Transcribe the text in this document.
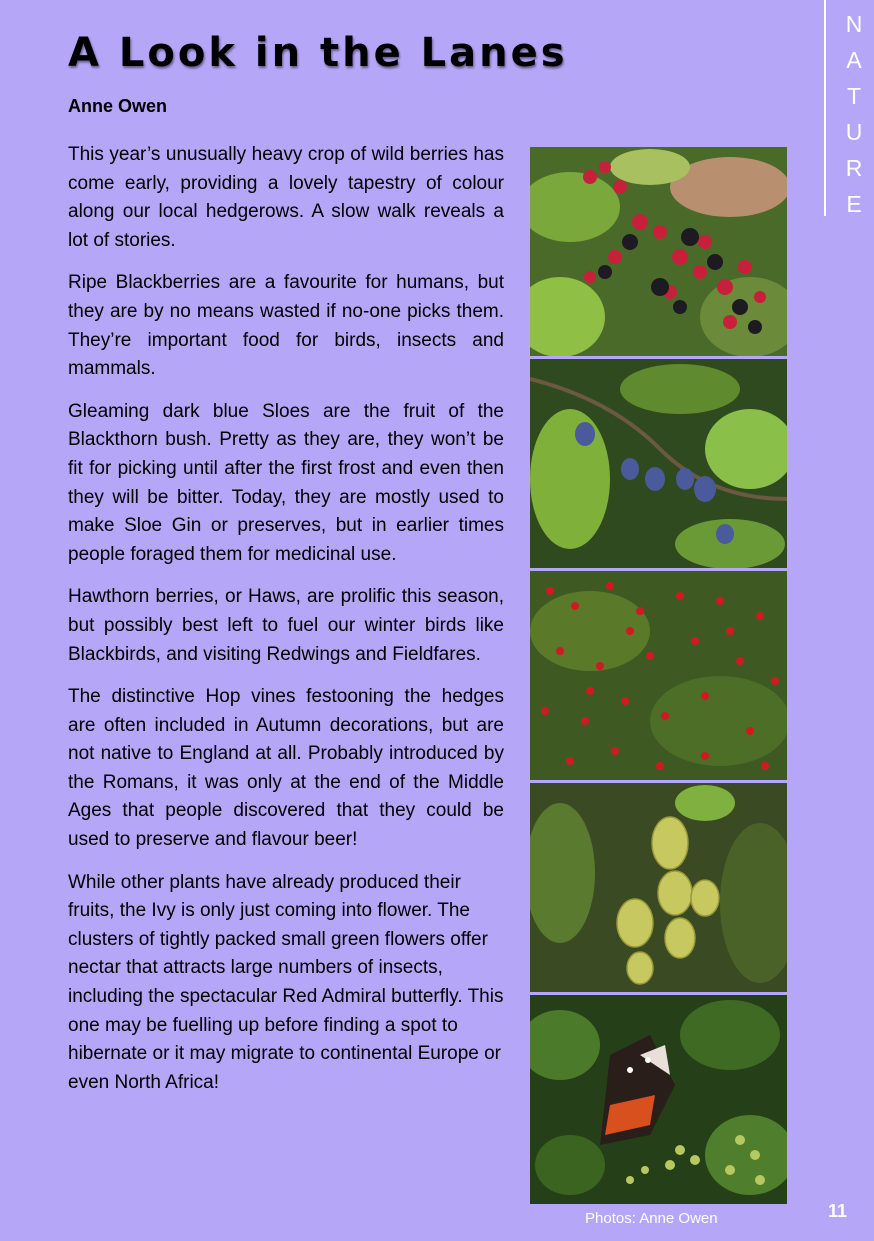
A Look in the Lanes

Anne Owen

N
A
T
U
R
E

This year’s unusually heavy crop of wild berries has come early, providing a lovely tapestry of colour along our local hedgerows. A slow walk reveals a lot of stories.

Ripe Blackberries are a favourite for humans, but they are by no means wasted if no-one picks them. They’re important food for birds, insects and mammals.

Gleaming dark blue Sloes are the fruit of the Blackthorn bush. Pretty as they are, they won’t be fit for picking until after the first frost and even then they will be bitter. Today, they are mostly used to make Sloe Gin or preserves, but in earlier times people foraged them for medicinal use.

Hawthorn berries, or Haws, are prolific this season, but possibly best left to fuel our winter birds like Blackbirds, and visiting Redwings and Fieldfares.

The distinctive Hop vines festooning the hedges are often included in Autumn decorations, but are not native to England at all. Probably introduced by the Romans, it was only at the end of the Middle Ages that people discovered that they could be used to preserve and flavour beer!

While other plants have already produced their fruits, the Ivy is only just coming into flower. The clusters of tightly packed small green flowers offer nectar that attracts large numbers of insects, including the spectacular Red Admiral butterfly. This one may be fuelling up before finding a spot to hibernate or it may migrate to continental Europe or even North Africa!

Photos: Anne Owen	11
